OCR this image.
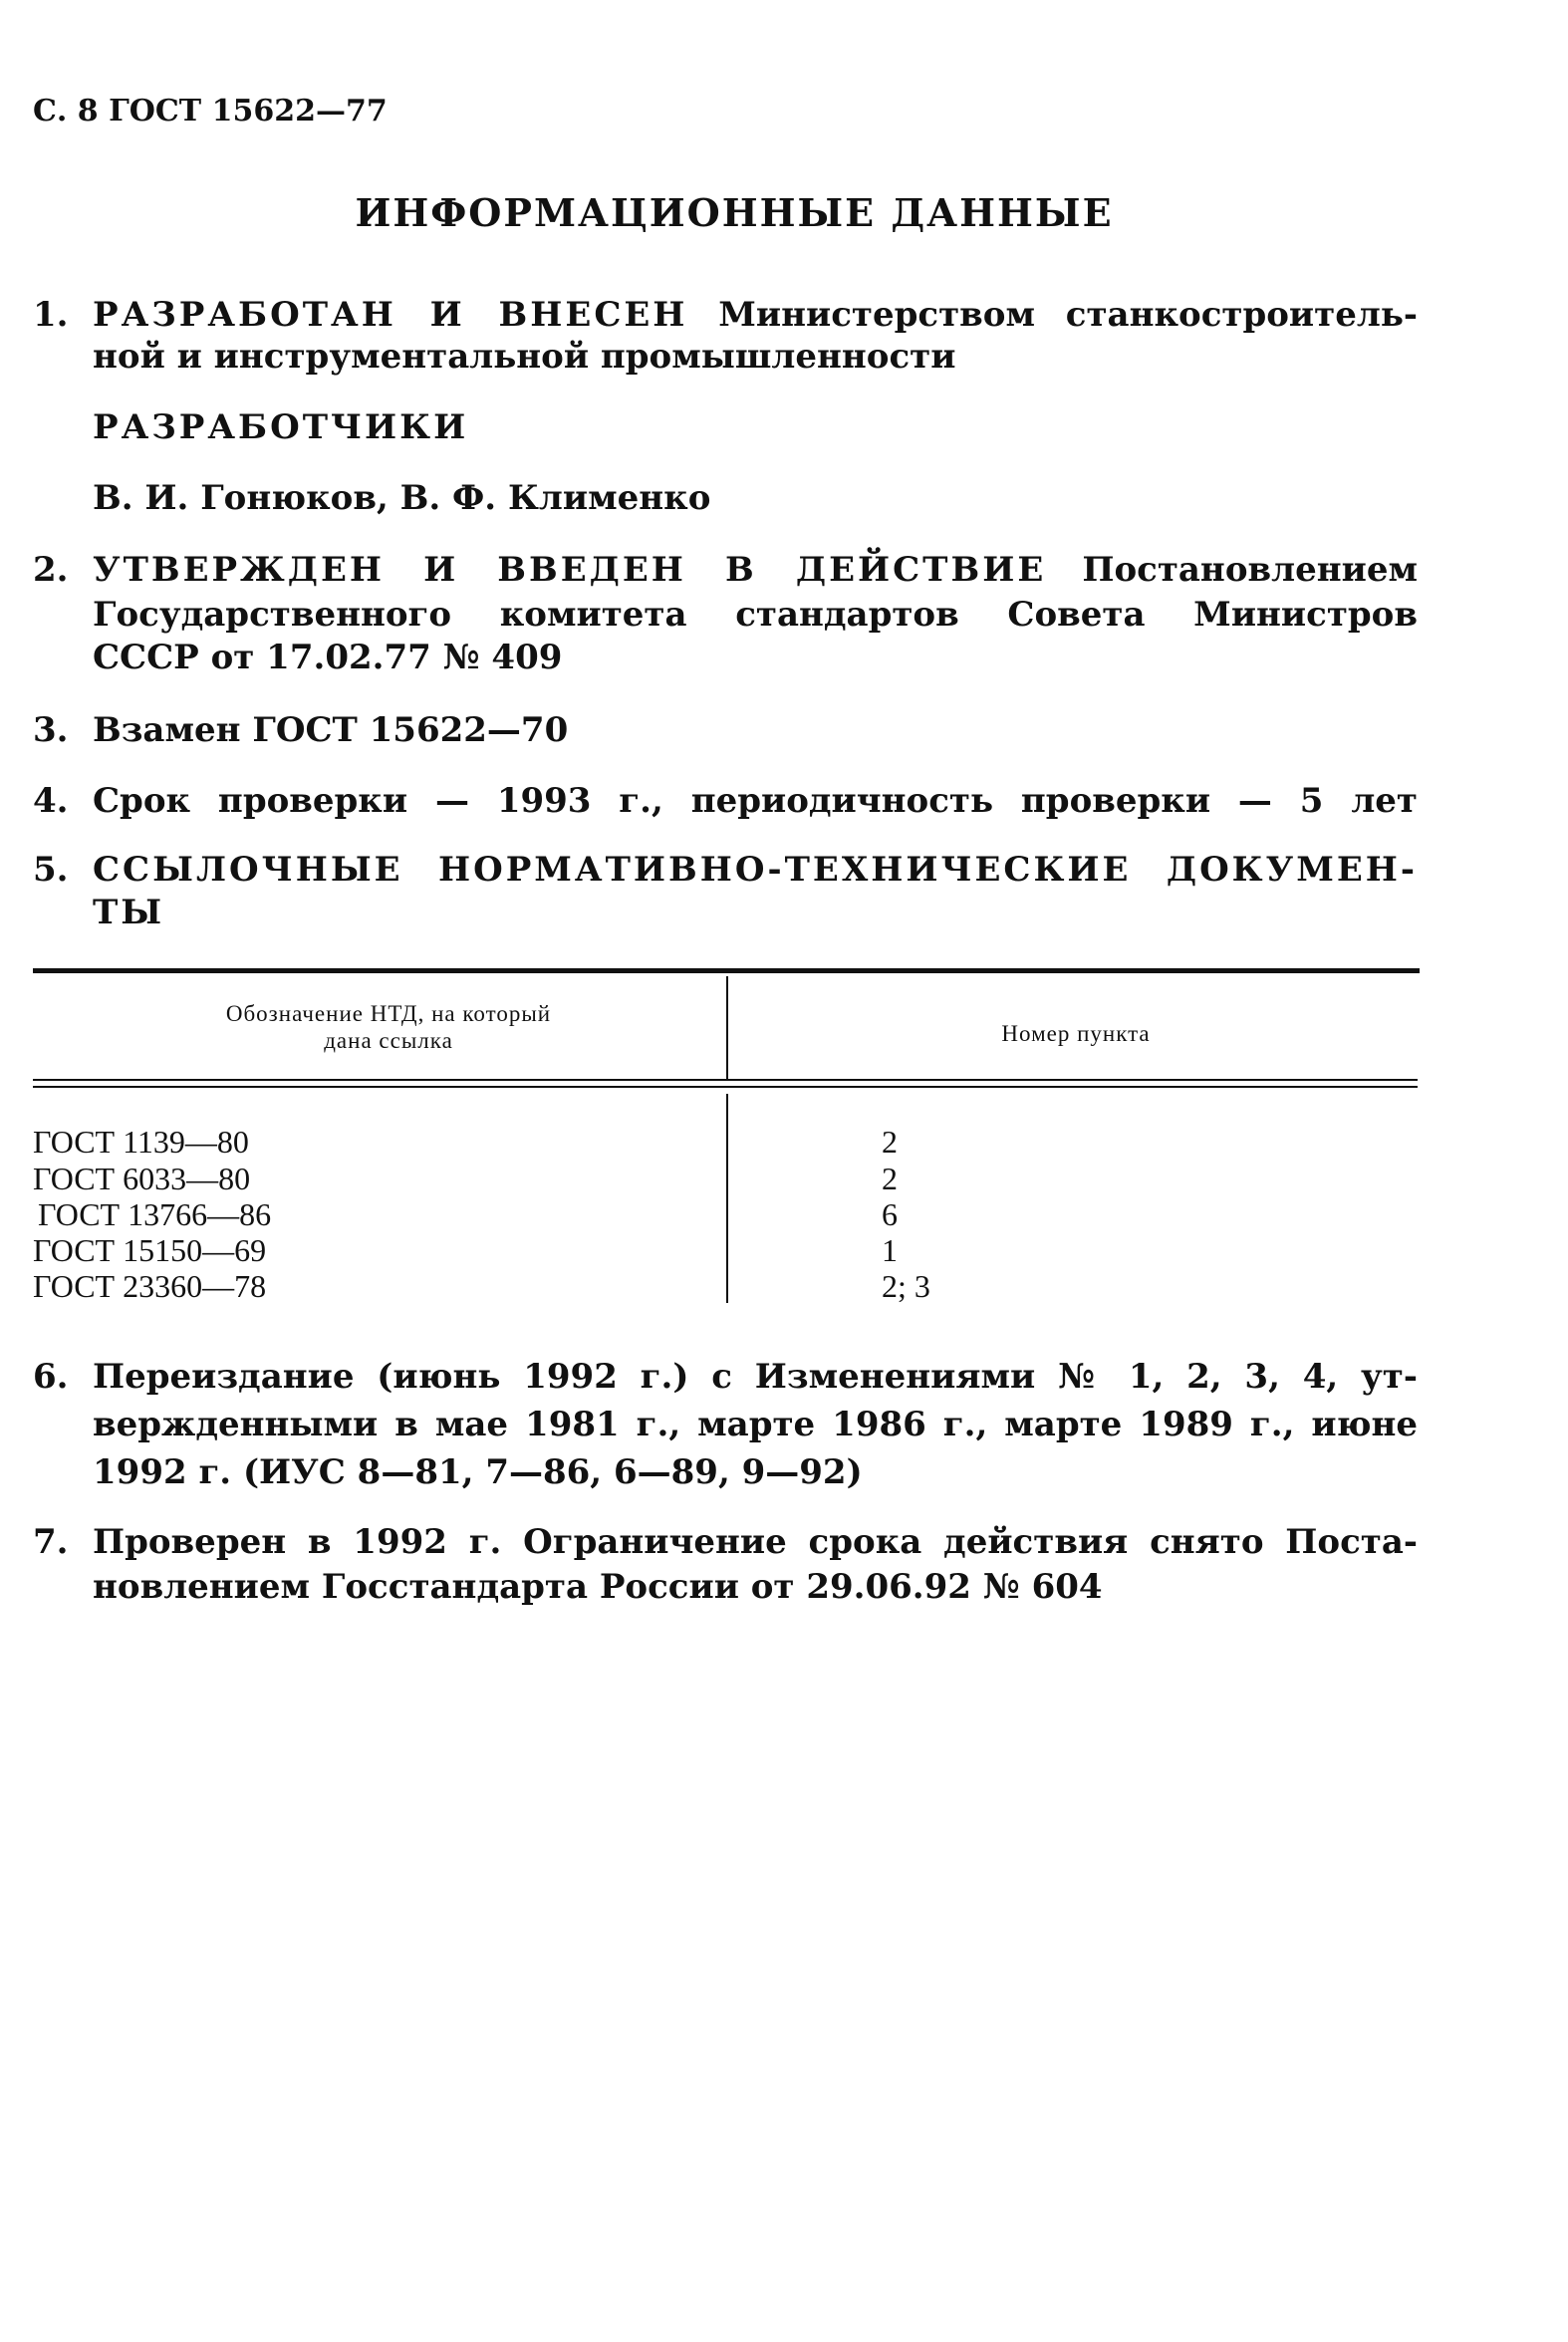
С. 8 ГОСТ 15622—77
ИНФОРМАЦИОННЫЕ ДАННЫЕ
1. РАЗРАБОТАН И ВНЕСЕН Министерством станкостроитель-
ной и инструментальной промышленности
РАЗРАБОТЧИКИ
В. И. Гонюков, В. Ф. Клименко
2. УТВЕРЖДЕН И ВВЕДЕН В ДЕЙСТВИЕ Постановлением
Государственного комитета стандартов Совета Министров
СССР от 17.02.77 № 409
3. Взамен ГОСТ 15622—70
4. Срок проверки — 1993 г., периодичность проверки — 5 лет
5. ССЫЛОЧНЫЕ НОРМАТИВНО-ТЕХНИЧЕСКИЕ ДОКУМЕН-
ТЫ
Обозначение НТД, на который
дана ссылка	Номер пункта
ГОСТ 1139—80	2
ГОСТ 6033—80	2
ГОСТ 13766—86	6
ГОСТ 15150—69	1
ГОСТ 23360—78	2; 3
6. Переиздание (июнь 1992 г.) с Изменениями № 1, 2, 3, 4, ут-
вержденными в мае 1981 г., марте 1986 г., марте 1989 г., июне
1992 г. (ИУС 8—81, 7—86, 6—89, 9—92)
7. Проверен в 1992 г. Ограничение срока действия снято Поста-
новлением Госстандарта России от 29.06.92 № 604
